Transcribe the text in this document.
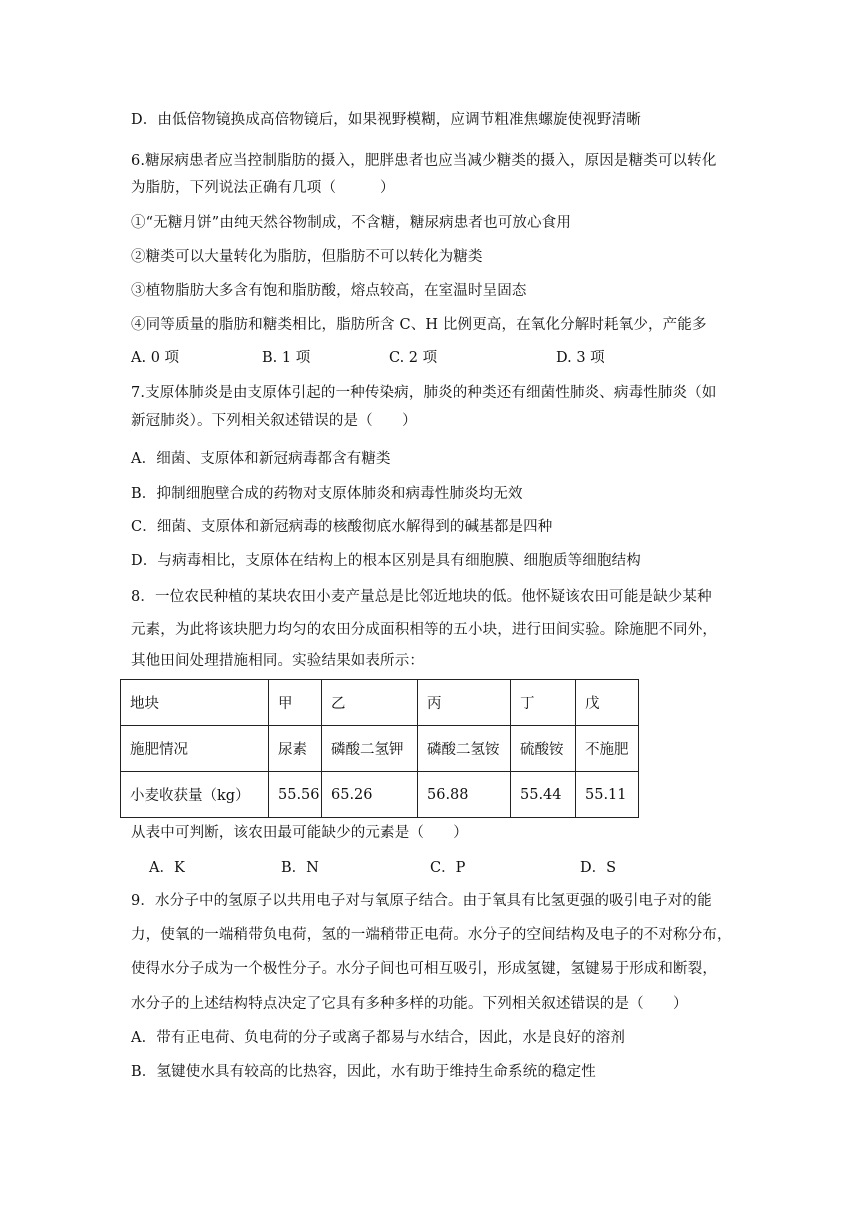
D．由低倍物镜换成高倍物镜后，如果视野模糊，应调节粗准焦螺旋使视野清晰
6.糖尿病患者应当控制脂肪的摄入，肥胖患者也应当减少糖类的摄入，原因是糖类可以转化
为脂肪，下列说法正确有几项（　　　）
①“无糖月饼”由纯天然谷物制成，不含糖，糖尿病患者也可放心食用
②糖类可以大量转化为脂肪，但脂肪不可以转化为糖类
③植物脂肪大多含有饱和脂肪酸，熔点较高，在室温时呈固态
④同等质量的脂肪和糖类相比，脂肪所含 C、H 比例更高，在氧化分解时耗氧少，产能多
A. 0 项	B. 1 项	C. 2 项	D. 3 项
7.支原体肺炎是由支原体引起的一种传染病，肺炎的种类还有细菌性肺炎、病毒性肺炎（如
新冠肺炎）。下列相关叙述错误的是（　　）
A．细菌、支原体和新冠病毒都含有糖类
B．抑制细胞壁合成的药物对支原体肺炎和病毒性肺炎均无效
C．细菌、支原体和新冠病毒的核酸彻底水解得到的碱基都是四种
D．与病毒相比，支原体在结构上的根本区别是具有细胞膜、细胞质等细胞结构
8．一位农民种植的某块农田小麦产量总是比邻近地块的低。他怀疑该农田可能是缺少某种
元素，为此将该块肥力均匀的农田分成面积相等的五小块，进行田间实验。除施肥不同外，
其他田间处理措施相同。实验结果如表所示：
地块	甲	乙	丙	丁	戊
施肥情况	尿素	磷酸二氢钾	磷酸二氢铵	硫酸铵	不施肥
小麦收获量（kg）	55.56	65.26	56.88	55.44	55.11
从表中可判断，该农田最可能缺少的元素是（　　）
A．K	B．N	C．P	D．S
9．水分子中的氢原子以共用电子对与氧原子结合。由于氧具有比氢更强的吸引电子对的能
力，使氧的一端稍带负电荷，氢的一端稍带正电荷。水分子的空间结构及电子的不对称分布，
使得水分子成为一个极性分子。水分子间也可相互吸引，形成氢键，氢键易于形成和断裂，
水分子的上述结构特点决定了它具有多种多样的功能。下列相关叙述错误的是（　　）
A．带有正电荷、负电荷的分子或离子都易与水结合，因此，水是良好的溶剂
B．氢键使水具有较高的比热容，因此，水有助于维持生命系统的稳定性
